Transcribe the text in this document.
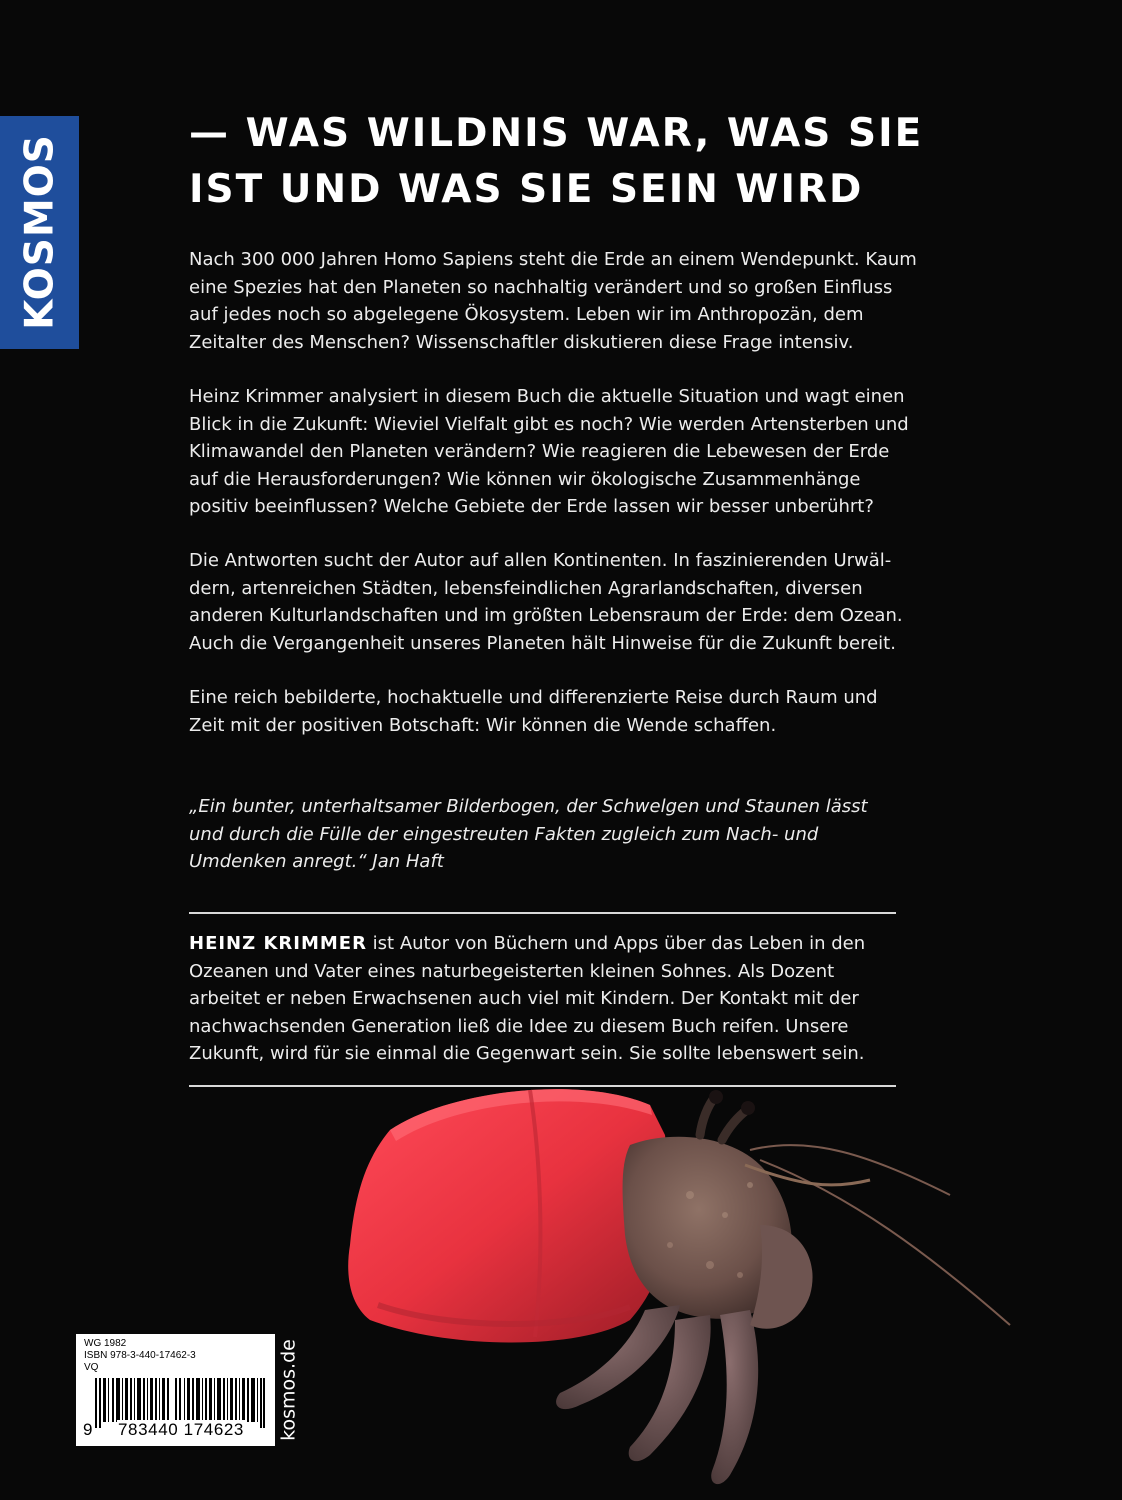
KOSMOS
— WAS WILDNIS WAR, WAS SIE
IST UND WAS SIE SEIN WIRD

Nach 300 000 Jahren Homo Sapiens steht die Erde an einem Wendepunkt. Kaum eine Spezies hat den Planeten so nachhaltig verändert und so großen Einfluss auf jedes noch so abgelegene Ökosystem. Leben wir im Anthropozän, dem Zeitalter des Menschen? Wissenschaftler diskutieren diese Frage intensiv.

Heinz Krimmer analysiert in diesem Buch die aktuelle Situation und wagt einen Blick in die Zukunft: Wieviel Vielfalt gibt es noch? Wie werden Artensterben und Klimawandel den Planeten verändern? Wie reagieren die Lebewesen der Erde auf die Herausforderungen? Wie können wir ökologische Zusammenhänge positiv beeinflussen? Welche Gebiete der Erde lassen wir besser unberührt?

Die Antworten sucht der Autor auf allen Kontinenten. In faszinierenden Urwäldern, artenreichen Städten, lebensfeindlichen Agrarlandschaften, diversen anderen Kulturlandschaften und im größten Lebensraum der Erde: dem Ozean. Auch die Vergangenheit unseres Planeten hält Hinweise für die Zukunft bereit.

Eine reich bebilderte, hochaktuelle und differenzierte Reise durch Raum und Zeit mit der positiven Botschaft: Wir können die Wende schaffen.

„Ein bunter, unterhaltsamer Bilderbogen, der Schwelgen und Staunen lässt und durch die Fülle der eingestreuten Fakten zugleich zum Nach- und Umdenken anregt.“ Jan Haft

HEINZ KRIMMER ist Autor von Büchern und Apps über das Leben in den Ozeanen und Vater eines naturbegeisterten kleinen Sohnes. Als Dozent arbeitet er neben Erwachsenen auch viel mit Kindern. Der Kontakt mit der nachwachsenden Generation ließ die Idee zu diesem Buch reifen. Unsere Zukunft, wird für sie einmal die Gegenwart sein. Sie sollte lebenswert sein.

WG 1982
ISBN 978-3-440-17462-3
VQ
9	783440 174623	kosmos.de
